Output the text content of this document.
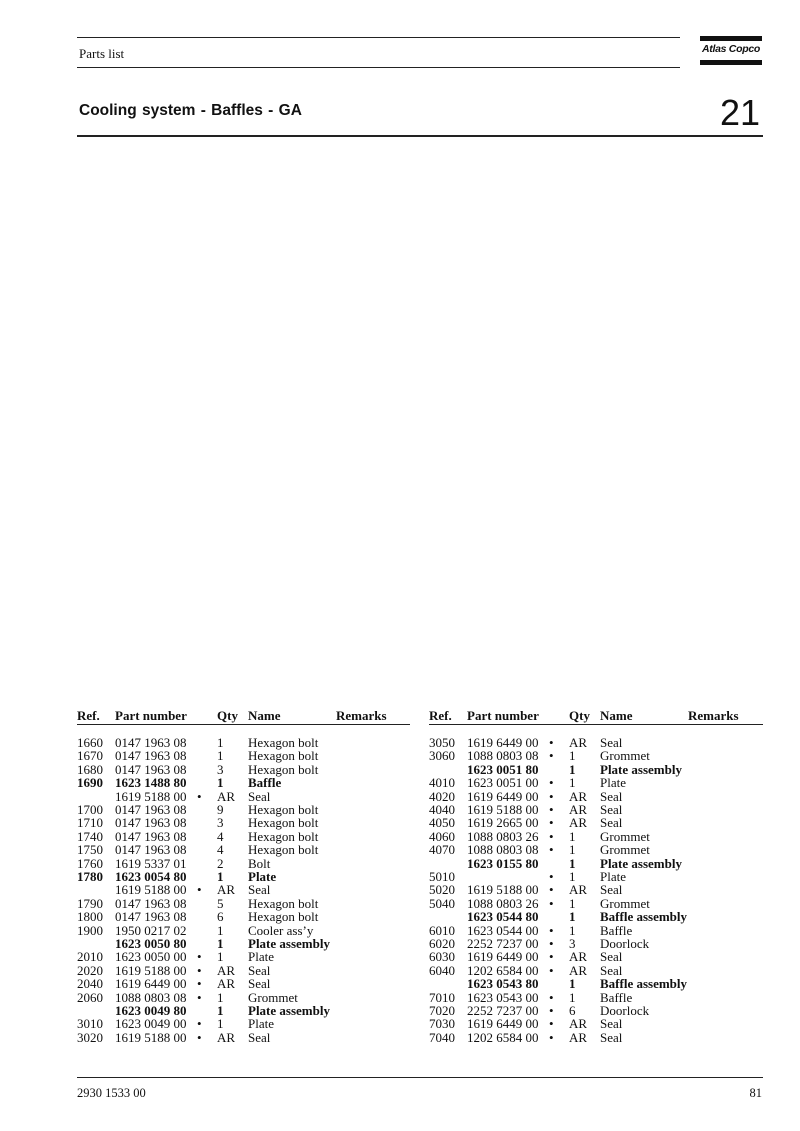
Parts list	Atlas Copco
Cooling system - Baffles - GA	21
Ref. Part number Qty Name	Remarks	Ref. Part number Qty Name	Remarks
1660 0147 1963 08 1 Hexagon bolt
1670 0147 1963 08 1 Hexagon bolt
1680 0147 1963 08 3 Hexagon bolt
1690 1623 1488 80 1 Baffle
1619 5188 00 • AR Seal
1700 0147 1963 08 9 Hexagon bolt
1710 0147 1963 08 3 Hexagon bolt
1740 0147 1963 08 4 Hexagon bolt
1750 0147 1963 08 4 Hexagon bolt
1760 1619 5337 01 2 Bolt
1780 1623 0054 80 1 Plate
1619 5188 00 • AR Seal
1790 0147 1963 08 5 Hexagon bolt
1800 0147 1963 08 6 Hexagon bolt
1900 1950 0217 02 1 Cooler ass’y
1623 0050 80 1 Plate assembly
2010 1623 0050 00 • 1 Plate
2020 1619 5188 00 • AR Seal
2040 1619 6449 00 • AR Seal
2060 1088 0803 08 • 1 Grommet
1623 0049 80 1 Plate assembly
3010 1623 0049 00 • 1 Plate
3020 1619 5188 00 • AR Seal
3050 1619 6449 00 • AR Seal
3060 1088 0803 08 • 1 Grommet
1623 0051 80 1 Plate assembly
4010 1623 0051 00 • 1 Plate
4020 1619 6449 00 • AR Seal
4040 1619 5188 00 • AR Seal
4050 1619 2665 00 • AR Seal
4060 1088 0803 26 • 1 Grommet
4070 1088 0803 08 • 1 Grommet
1623 0155 80 1 Plate assembly
5010	• 1 Plate
5020 1619 5188 00 • AR Seal
5040 1088 0803 26 • 1 Grommet
1623 0544 80 1 Baffle assembly
6010 1623 0544 00 • 1 Baffle
6020 2252 7237 00 • 3 Doorlock
6030 1619 6449 00 • AR Seal
6040 1202 6584 00 • AR Seal
1623 0543 80 1 Baffle assembly
7010 1623 0543 00 • 1 Baffle
7020 2252 7237 00 • 6 Doorlock
7030 1619 6449 00 • AR Seal
7040 1202 6584 00 • AR Seal
2930 1533 00	81
